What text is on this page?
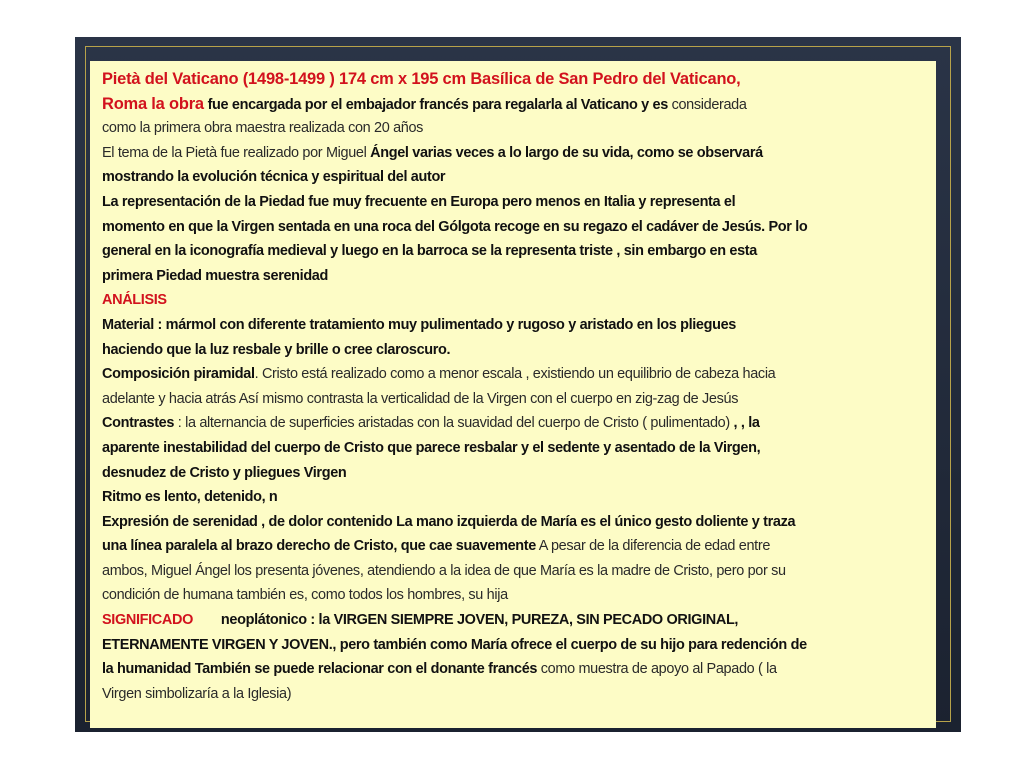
Pietà del Vaticano (1498-1499 ) 174 cm x 195 cm Basílica de San Pedro del Vaticano,
Roma la obra fue encargada por el embajador francés para regalarla al Vaticano y es considerada
como la primera obra maestra realizada con 20 años
El tema de la Pietà fue realizado por Miguel Ángel varias veces a lo largo de su vida, como se observará
mostrando la evolución técnica y espiritual del autor
La representación de la Piedad fue muy frecuente en Europa pero menos en Italia y representa el
momento en que la Virgen sentada en una roca del Gólgota recoge en su regazo el cadáver de Jesús. Por lo
general en la iconografía medieval y luego en la barroca se la representa triste , sin embargo en esta
primera Piedad muestra serenidad
ANÁLISIS
Material : mármol con diferente tratamiento muy pulimentado y rugoso y aristado en los pliegues
haciendo que la luz resbale y brille o cree claroscuro.
Composición piramidal. Cristo está realizado como a menor escala , existiendo un equilibrio de cabeza hacia
adelante y hacia atrás Así mismo contrasta la verticalidad de la Virgen con el cuerpo en zig-zag de Jesús
Contrastes : la alternancia de superficies aristadas con la suavidad del cuerpo de Cristo ( pulimentado) , , la
aparente inestabilidad del cuerpo de Cristo que parece resbalar y el sedente y asentado de la Virgen,
desnudez de Cristo y pliegues Virgen
Ritmo es lento, detenido, n
Expresión de serenidad , de dolor contenido La mano izquierda de María es el único gesto doliente y traza
una línea paralela al brazo derecho de Cristo, que cae suavemente A pesar de la diferencia de edad entre
ambos, Miguel Ángel los presenta jóvenes, atendiendo a la idea de que María es la madre de Cristo, pero por su
condición de humana también es, como todos los hombres, su hija
SIGNIFICADO neoplátonico : la VIRGEN SIEMPRE JOVEN, PUREZA, SIN PECADO ORIGINAL,
ETERNAMENTE VIRGEN Y JOVEN., pero también como María ofrece el cuerpo de su hijo para redención de
la humanidad También se puede relacionar con el donante francés como muestra de apoyo al Papado ( la
Virgen simbolizaría a la Iglesia)
